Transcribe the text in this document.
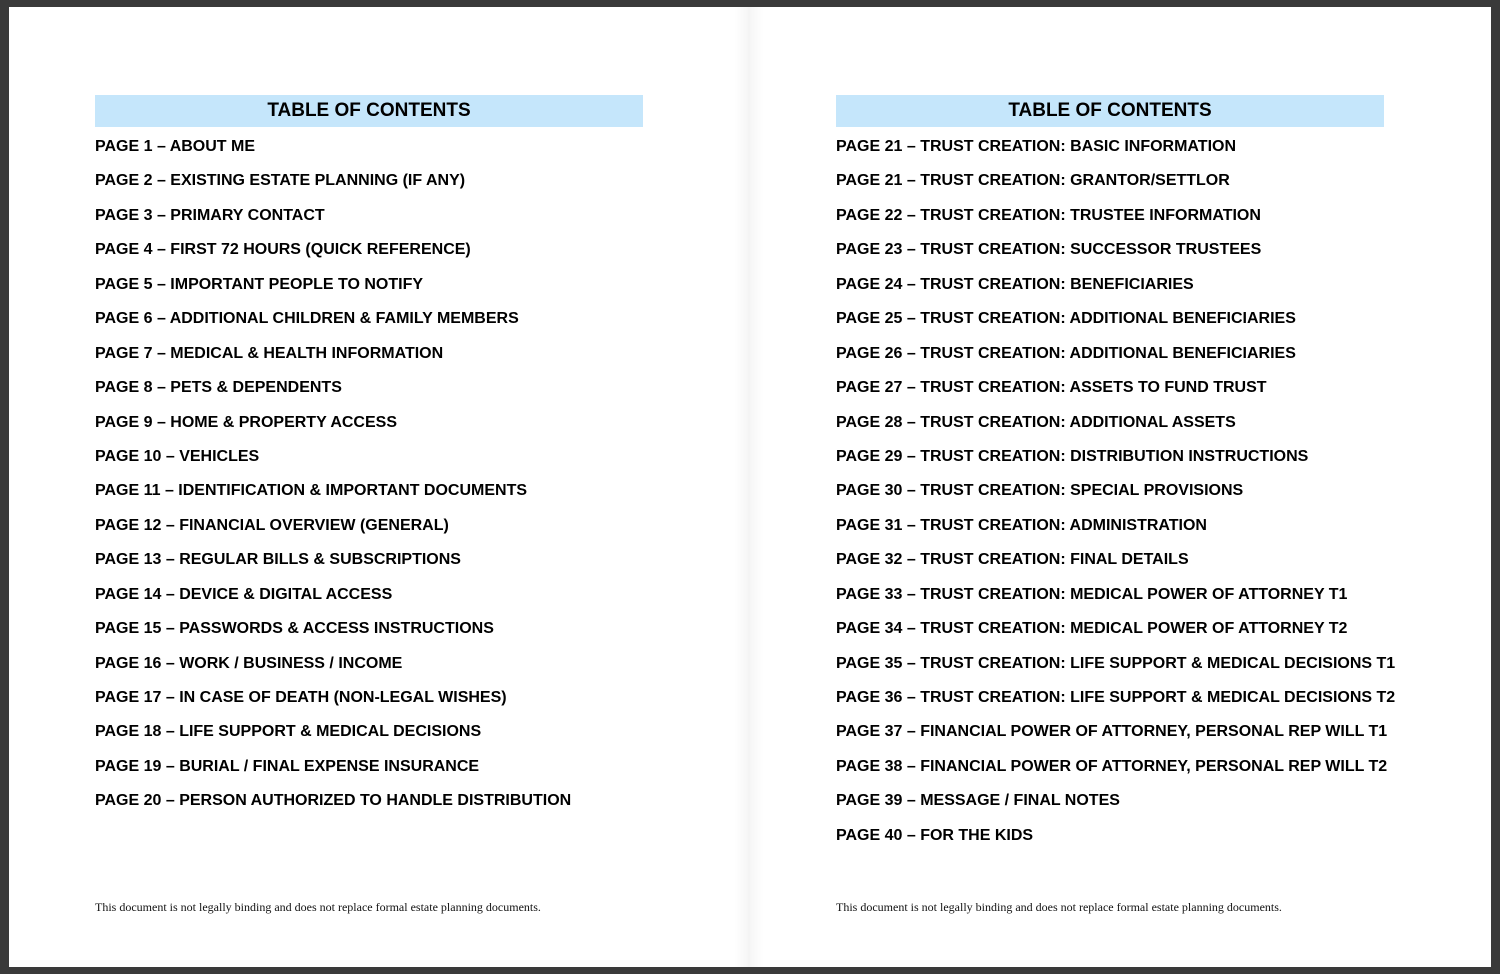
TABLE OF CONTENTS
PAGE 1 – ABOUT ME
PAGE 2 – EXISTING ESTATE PLANNING (IF ANY)
PAGE 3 – PRIMARY CONTACT
PAGE 4 – FIRST 72 HOURS (QUICK REFERENCE)
PAGE 5 – IMPORTANT PEOPLE TO NOTIFY
PAGE 6 – ADDITIONAL CHILDREN & FAMILY MEMBERS
PAGE 7 – MEDICAL & HEALTH INFORMATION
PAGE 8 – PETS & DEPENDENTS
PAGE 9 – HOME & PROPERTY ACCESS
PAGE 10 – VEHICLES
PAGE 11 – IDENTIFICATION & IMPORTANT DOCUMENTS
PAGE 12 – FINANCIAL OVERVIEW (GENERAL)
PAGE 13 – REGULAR BILLS & SUBSCRIPTIONS
PAGE 14 – DEVICE & DIGITAL ACCESS
PAGE 15 – PASSWORDS & ACCESS INSTRUCTIONS
PAGE 16 – WORK / BUSINESS / INCOME
PAGE 17 – IN CASE OF DEATH (NON-LEGAL WISHES)
PAGE 18 – LIFE SUPPORT & MEDICAL DECISIONS
PAGE 19 – BURIAL / FINAL EXPENSE INSURANCE
PAGE 20 – PERSON AUTHORIZED TO HANDLE DISTRIBUTION
This document is not legally binding and does not replace formal estate planning documents.
TABLE OF CONTENTS
PAGE 21 – TRUST CREATION: BASIC INFORMATION
PAGE 21 – TRUST CREATION: GRANTOR/SETTLOR
PAGE 22 – TRUST CREATION: TRUSTEE INFORMATION
PAGE 23 – TRUST CREATION: SUCCESSOR TRUSTEES
PAGE 24 – TRUST CREATION: BENEFICIARIES
PAGE 25 – TRUST CREATION: ADDITIONAL BENEFICIARIES
PAGE 26 – TRUST CREATION: ADDITIONAL BENEFICIARIES
PAGE 27 – TRUST CREATION: ASSETS TO FUND TRUST
PAGE 28 – TRUST CREATION: ADDITIONAL ASSETS
PAGE 29 – TRUST CREATION: DISTRIBUTION INSTRUCTIONS
PAGE 30 – TRUST CREATION: SPECIAL PROVISIONS
PAGE 31 – TRUST CREATION: ADMINISTRATION
PAGE 32 – TRUST CREATION: FINAL DETAILS
PAGE 33 – TRUST CREATION: MEDICAL POWER OF ATTORNEY T1
PAGE 34 – TRUST CREATION: MEDICAL POWER OF ATTORNEY T2
PAGE 35 – TRUST CREATION: LIFE SUPPORT & MEDICAL DECISIONS T1
PAGE 36 – TRUST CREATION: LIFE SUPPORT & MEDICAL DECISIONS T2
PAGE 37 – FINANCIAL POWER OF ATTORNEY, PERSONAL REP WILL T1
PAGE 38 – FINANCIAL POWER OF ATTORNEY, PERSONAL REP WILL T2
PAGE 39 – MESSAGE / FINAL NOTES
PAGE 40 – FOR THE KIDS
This document is not legally binding and does not replace formal estate planning documents.
